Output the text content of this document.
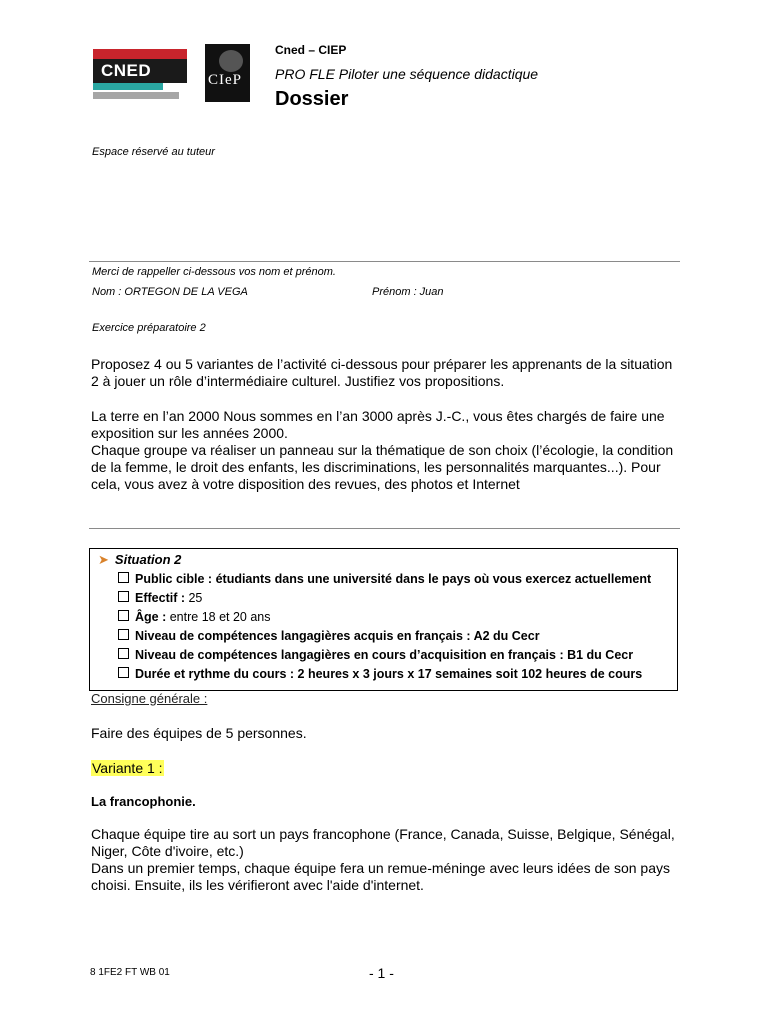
CNED	CIeP
Cned – CIEP
PRO FLE Piloter une séquence didactique
Dossier
Espace réservé au tuteur
Merci de rappeller ci-dessous vos nom et prénom.
Nom : ORTEGON DE LA VEGA	Prénom : Juan
Exercice préparatoire 2
Proposez 4 ou 5 variantes de l’activité ci-dessous pour préparer les apprenants de la situation 2 à jouer un rôle d’intermédiaire culturel. Justifiez vos propositions.
La terre en l’an 2000 Nous sommes en l’an 3000 après J.-C., vous êtes chargés de faire une exposition sur les années 2000.
Chaque groupe va réaliser un panneau sur la thématique de son choix (l’écologie, la condition de la femme, le droit des enfants, les discriminations, les personnalités marquantes...). Pour cela, vous avez à votre disposition des revues, des photos et Internet
➤ Situation 2
Public cible : étudiants dans une université dans le pays où vous exercez actuellement
Effectif : 25
Âge : entre 18 et 20 ans
Niveau de compétences langagières acquis en français : A2 du Cecr
Niveau de compétences langagières en cours d’acquisition en français : B1 du Cecr
Durée et rythme du cours : 2 heures x 3 jours x 17 semaines soit 102 heures de cours
Consigne générale :
Faire des équipes de 5 personnes.
Variante 1 :
La francophonie.
Chaque équipe tire au sort un pays francophone (France, Canada, Suisse, Belgique, Sénégal, Niger, Côte d'ivoire, etc.)
Dans un premier temps, chaque équipe fera un remue-méninge avec leurs idées de son pays choisi. Ensuite, ils les vérifieront avec l'aide d'internet.
8 1FE2 FT WB 01	- 1 -
